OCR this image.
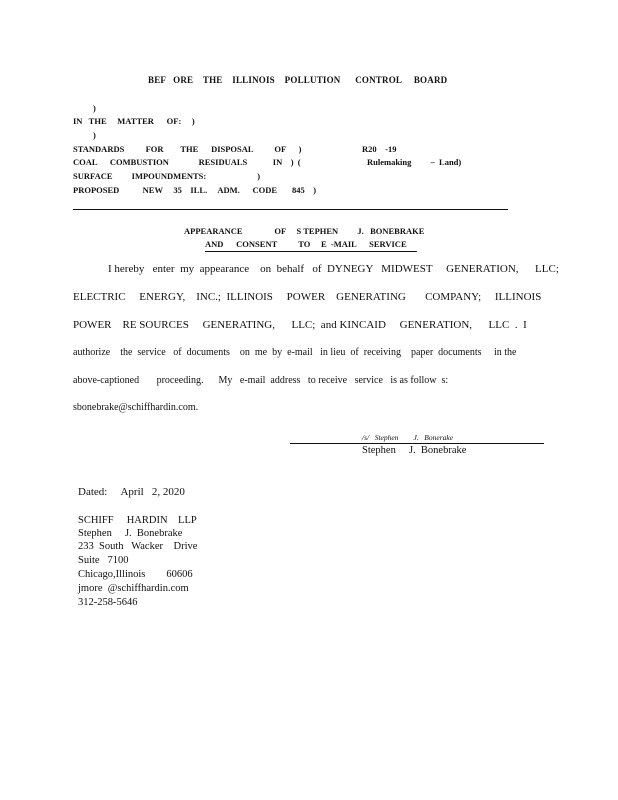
BEF   ORE    THE    ILLINOIS    POLLUTION      CONTROL     BOARD
)
IN   THE     MATTER      OF:     )
)
STANDARDS          FOR        THE      DISPOSAL          OF      )	R20    -19
COAL      COMBUSTION              RESIDUALS            IN    )  (	Rulemaking         –  Land)
SURFACE         IMPOUNDMENTS:                        )
PROPOSED           NEW     35    ILL.     ADM.      CODE       845    )
APPEARANCE               OF     S TEPHEN         J.   BONEBRAKE
AND      CONSENT          TO     E  -MAIL      SERVICE
I hereby   enter  my  appearance    on  behalf   of  DYNEGY   MIDWEST     GENERATION,      LLC;
ELECTRIC     ENERGY,    INC.;  ILLINOIS     POWER    GENERATING       COMPANY;     ILLINOIS
POWER    RE SOURCES     GENERATING,      LLC;  and KINCAID     GENERATION,      LLC  .  I
authorize    the  service   of  documents    on  me  by  e-mail   in lieu  of  receiving    paper  documents     in the
above-captioned       proceeding.      My   e-mail  address   to receive   service   is as follow  s:
sbonebrake@schiffhardin.com.
/s/   Stephen        J.   Bonerake
Stephen     J.  Bonebrake
Dated:     April   2, 2020
SCHIFF     HARDIN    LLP
Stephen     J.  Bonebrake
233  South   Wacker    Drive
Suite   7100
Chicago,Illinois        60606
jmore  @schiffhardin.com
312-258-5646
